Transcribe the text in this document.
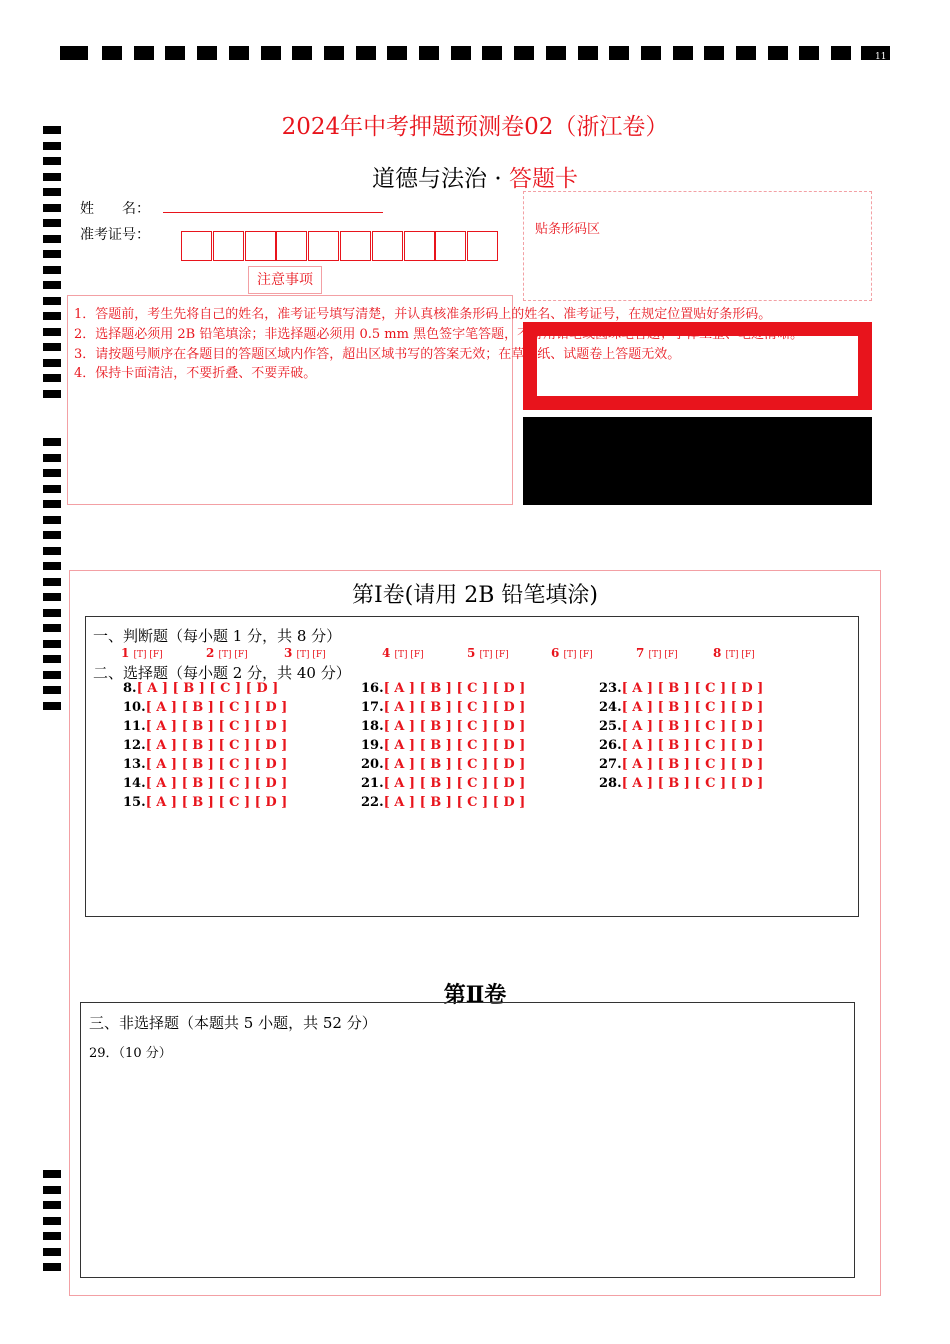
11
2024年中考押题预测卷02（浙江卷）
道德与法治 · 答题卡
姓　　名：
准考证号：
注意事项
1．答题前，考生先将自己的姓名，准考证号填写清楚，并认真核准条形码上的姓名、准考证号，在规定位置贴好条形码。
2．选择题必须用 2B 铅笔填涂；非选择题必须用 0.5 mm 黑色签字笔答题，不得用铅笔或圆珠笔答题；字体工整、笔迹清晰。
3．请按题号顺序在各题目的答题区域内作答，超出区域书写的答案无效；在草稿纸、试题卷上答题无效。
4．保持卡面清洁，不要折叠、不要弄破。
贴条形码区
第Ⅰ卷(请用 2B 铅笔填涂)
一、判断题（每小题 1 分，共 8 分）
1 [T] [F]	2 [T] [F]	3 [T] [F]	4 [T] [F]	5 [T] [F]	6 [T] [F]	7 [T] [F]	8 [T] [F]
二、选择题（每小题 2 分，共 40 分）
8.[ A ] [ B ] [ C ] [ D ]
10.[ A ] [ B ] [ C ] [ D ]
11.[ A ] [ B ] [ C ] [ D ]
12.[ A ] [ B ] [ C ] [ D ]
13.[ A ] [ B ] [ C ] [ D ]
14.[ A ] [ B ] [ C ] [ D ]
15.[ A ] [ B ] [ C ] [ D ]
16.[ A ] [ B ] [ C ] [ D ]
17.[ A ] [ B ] [ C ] [ D ]
18.[ A ] [ B ] [ C ] [ D ]
19.[ A ] [ B ] [ C ] [ D ]
20.[ A ] [ B ] [ C ] [ D ]
21.[ A ] [ B ] [ C ] [ D ]
22.[ A ] [ B ] [ C ] [ D ]
23.[ A ] [ B ] [ C ] [ D ]
24.[ A ] [ B ] [ C ] [ D ]
25.[ A ] [ B ] [ C ] [ D ]
26.[ A ] [ B ] [ C ] [ D ]
27.[ A ] [ B ] [ C ] [ D ]
28.[ A ] [ B ] [ C ] [ D ]
第Ⅱ卷
三、非选择题（本题共 5 小题，共 52 分）
29．（10 分）
